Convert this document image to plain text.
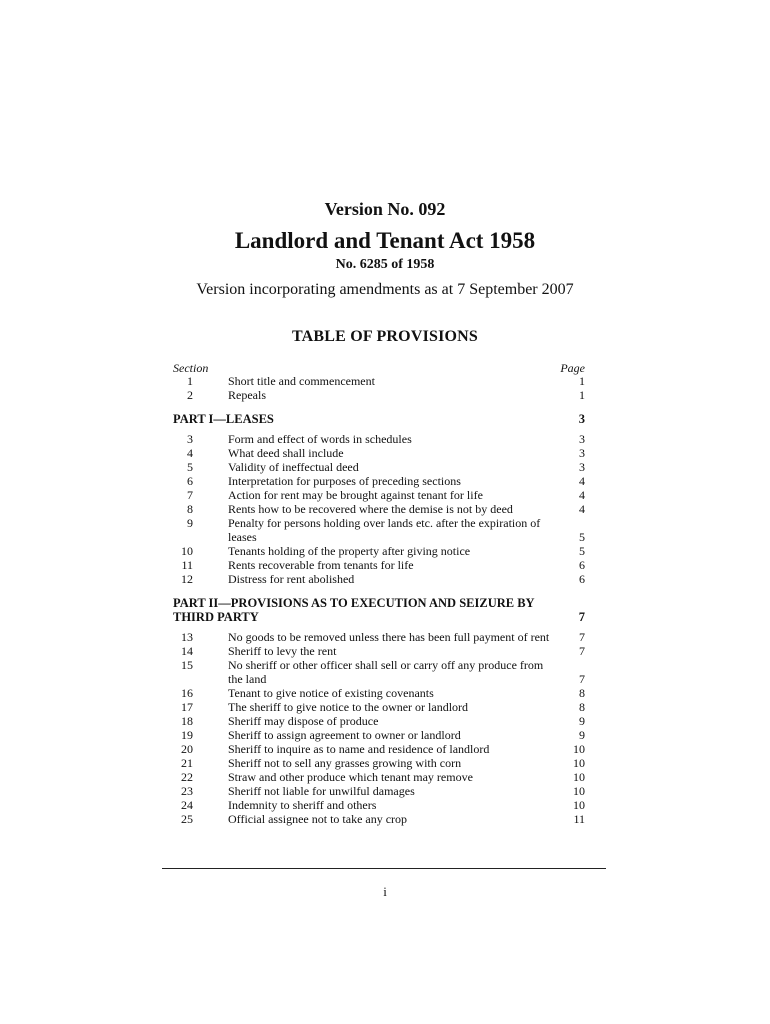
Version No. 092
Landlord and Tenant Act 1958
No. 6285 of 1958
Version incorporating amendments as at 7 September 2007
TABLE OF PROVISIONS
Section	Page
1	Short title and commencement	1
2	Repeals	1
PART I—LEASES	3
3	Form and effect of words in schedules	3
4	What deed shall include	3
5	Validity of ineffectual deed	3
6	Interpretation for purposes of preceding sections	4
7	Action for rent may be brought against tenant for life	4
8	Rents how to be recovered where the demise is not by deed	4
9	Penalty for persons holding over lands etc. after the expiration of leases	5
10	Tenants holding of the property after giving notice	5
11	Rents recoverable from tenants for life	6
12	Distress for rent abolished	6
PART II—PROVISIONS AS TO EXECUTION AND SEIZURE BY THIRD PARTY	7
13	No goods to be removed unless there has been full payment of rent	7
14	Sheriff to levy the rent	7
15	No sheriff or other officer shall sell or carry off any produce from the land	7
16	Tenant to give notice of existing covenants	8
17	The sheriff to give notice to the owner or landlord	8
18	Sheriff may dispose of produce	9
19	Sheriff to assign agreement to owner or landlord	9
20	Sheriff to inquire as to name and residence of landlord	10
21	Sheriff not to sell any grasses growing with corn	10
22	Straw and other produce which tenant may remove	10
23	Sheriff not liable for unwilful damages	10
24	Indemnity to sheriff and others	10
25	Official assignee not to take any crop	11
i
